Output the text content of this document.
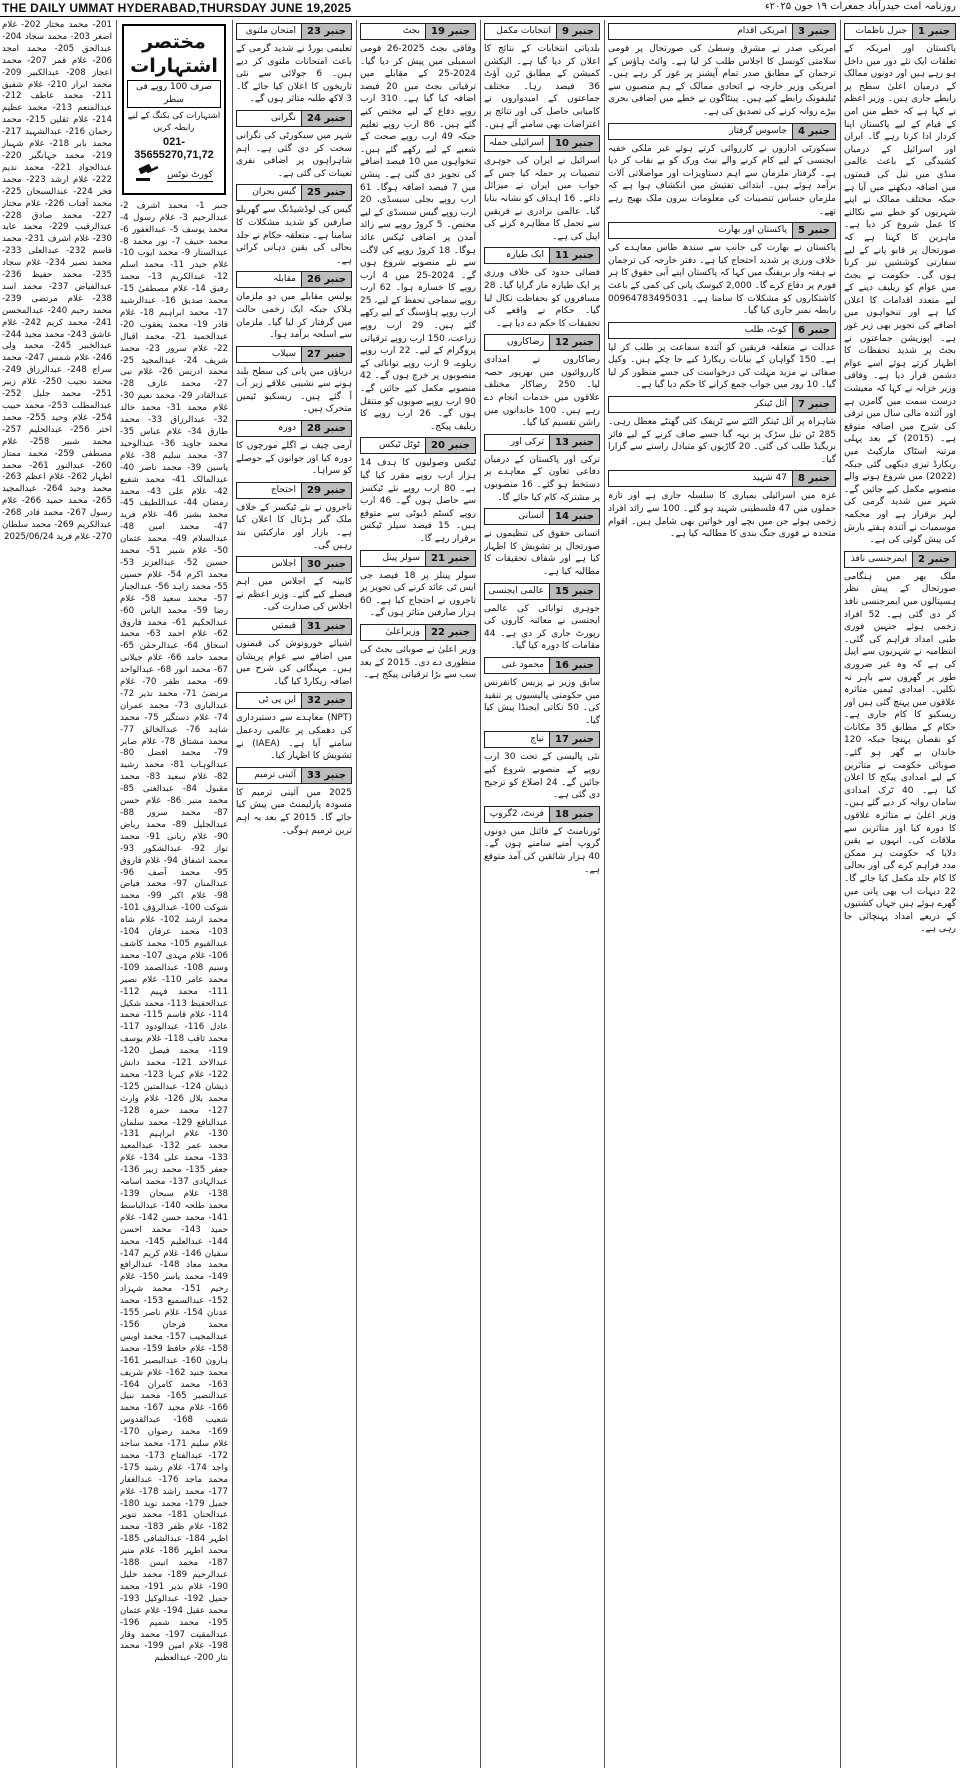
THE DAILY UMMAT HYDERABAD,THURSDAY JUNE 19,2025	روزنامہ امت حیدرآباد جمعرات ۱۹ جون ۲۰۲۵ء
جنبر 1
جنرل ناظمات

پاکستان اور امریکہ کے تعلقات ایک نئے دور میں داخل ہو رہے ہیں اور دونوں ممالک کے درمیان اعلیٰ سطح پر رابطے جاری ہیں۔ وزیر اعظم نے کہا ہے کہ خطے میں امن کے قیام کے لیے پاکستان اپنا کردار ادا کرتا رہے گا۔ ایران اور اسرائیل کے درمیان کشیدگی کے باعث عالمی منڈی میں تیل کی قیمتوں میں اضافہ دیکھنے میں آیا ہے جبکہ مختلف ممالک نے اپنے شہریوں کو خطے سے نکالنے کا عمل شروع کر دیا ہے۔ ماہرین کا کہنا ہے کہ صورتحال پر قابو پانے کے لیے سفارتی کوششیں تیز کرنا ہوں گی۔ حکومت نے بجٹ میں عوام کو ریلیف دینے کے لیے متعدد اقدامات کا اعلان کیا ہے اور تنخواہوں میں اضافے کی تجویز بھی زیر غور ہے۔ اپوزیشن جماعتوں نے بجٹ پر شدید تحفظات کا اظہار کرتے ہوئے اسے عوام دشمن قرار دیا ہے۔ وفاقی وزیر خزانہ نے کہا کہ معیشت درست سمت میں گامزن ہے اور آئندہ مالی سال میں ترقی کی شرح میں اضافہ متوقع ہے۔ (2015) کے بعد پہلی مرتبہ اسٹاک مارکیٹ میں ریکارڈ تیزی دیکھی گئی جبکہ (2022) میں شروع ہونے والے منصوبے مکمل کیے جائیں گے۔ شہر میں شدید گرمی کی لہر برقرار ہے اور محکمہ موسمیات نے آئندہ ہفتے بارش کی پیش گوئی کی ہے۔

جنبر 2
ایمرجنسی نافذ

ملک بھر میں ہنگامی صورتحال کے پیش نظر ہسپتالوں میں ایمرجنسی نافذ کر دی گئی ہے۔ 52 افراد زخمی ہوئے جنہیں فوری طبی امداد فراہم کی گئی۔ انتظامیہ نے شہریوں سے اپیل کی ہے کہ وہ غیر ضروری طور پر گھروں سے باہر نہ نکلیں۔ امدادی ٹیمیں متاثرہ علاقوں میں پہنچ گئی ہیں اور ریسکیو کا کام جاری ہے۔ حکام کے مطابق 35 مکانات کو نقصان پہنچا جبکہ 120 خاندان بے گھر ہو گئے۔ صوبائی حکومت نے متاثرین کے لیے امدادی پیکج کا اعلان کیا ہے۔ 40 ٹرک امدادی سامان روانہ کر دیے گئے ہیں۔ وزیر اعلیٰ نے متاثرہ علاقوں کا دورہ کیا اور متاثرین سے ملاقات کی۔ انہوں نے یقین دلایا کہ حکومت ہر ممکن مدد فراہم کرے گی اور بحالی کا کام جلد مکمل کیا جائے گا۔ 22 دیہات اب بھی پانی میں گھرے ہوئے ہیں جہاں کشتیوں کے ذریعے امداد پہنچائی جا رہی ہے۔

جنبر 3
امریکی اقدام

امریکی صدر نے مشرق وسطیٰ کی صورتحال پر قومی سلامتی کونسل کا اجلاس طلب کر لیا ہے۔ وائٹ ہاؤس کے ترجمان کے مطابق صدر تمام آپشنز پر غور کر رہے ہیں۔ امریکی وزیر خارجہ نے اتحادی ممالک کے ہم منصبوں سے ٹیلیفونک رابطے کیے ہیں۔ پینٹاگون نے خطے میں اضافی بحری بیڑے روانہ کرنے کی تصدیق کی ہے۔

جنبر 4
جاسوس گرفتار

سیکورٹی اداروں نے کارروائی کرتے ہوئے غیر ملکی خفیہ ایجنسی کے لیے کام کرنے والے نیٹ ورک کو بے نقاب کر دیا ہے۔ گرفتار ملزمان سے اہم دستاویزات اور مواصلاتی آلات برآمد ہوئے ہیں۔ ابتدائی تفتیش میں انکشاف ہوا ہے کہ ملزمان حساس تنصیبات کی معلومات بیرون ملک بھیج رہے تھے۔

جنبر 5
پاکستان اور بھارت

پاکستان نے بھارت کی جانب سے سندھ طاس معاہدے کی خلاف ورزی پر شدید احتجاج کیا ہے۔ دفتر خارجہ کی ترجمان نے ہفتہ وار بریفنگ میں کہا کہ پاکستان اپنے آبی حقوق کا ہر فورم پر دفاع کرے گا۔ 2,000 کیوسک پانی کی کمی کے باعث کاشتکاروں کو مشکلات کا سامنا ہے۔ 00964783495031 رابطہ نمبر جاری کیا گیا۔

جنبر 6
کوٹ، طلب

عدالت نے متعلقہ فریقین کو آئندہ سماعت پر طلب کر لیا ہے۔ 150 گواہان کے بیانات ریکارڈ کیے جا چکے ہیں۔ وکیل صفائی نے مزید مہلت کی درخواست کی جسے منظور کر لیا گیا۔ 10 روز میں جواب جمع کرانے کا حکم دیا گیا ہے۔

جنبر 7
آئل ٹینکر

شاہراہ پر آئل ٹینکر الٹنے سے ٹریفک کئی گھنٹے معطل رہی۔ 285 ٹن تیل سڑک پر بہہ گیا جسے صاف کرنے کے لیے فائر بریگیڈ طلب کی گئی۔ 20 گاڑیوں کو متبادل راستے سے گزارا گیا۔

جنبر 8
47 شہید

غزہ میں اسرائیلی بمباری کا سلسلہ جاری ہے اور تازہ حملوں میں 47 فلسطینی شہید ہو گئے۔ 100 سے زائد افراد زخمی ہوئے جن میں بچے اور خواتین بھی شامل ہیں۔ اقوام متحدہ نے فوری جنگ بندی کا مطالبہ کیا ہے۔

جنبر 9
انتخابات مکمل

بلدیاتی انتخابات کے نتائج کا اعلان کر دیا گیا ہے۔ الیکشن کمیشن کے مطابق ٹرن آؤٹ 36 فیصد رہا۔ مختلف جماعتوں کے امیدواروں نے کامیابی حاصل کی اور نتائج پر اعتراضات بھی سامنے آئے ہیں۔

جنبر 10
اسرائیلی حملہ

اسرائیل نے ایران کی جوہری تنصیبات پر حملہ کیا جس کے جواب میں ایران نے میزائل داغے۔ 16 اہداف کو نشانہ بنایا گیا۔ عالمی برادری نے فریقین سے تحمل کا مظاہرہ کرنے کی اپیل کی ہے۔

جنبر 11
ایک طیارہ

فضائی حدود کی خلاف ورزی پر ایک طیارہ مار گرایا گیا۔ 28 مسافروں کو بحفاظت نکال لیا گیا۔ حکام نے واقعے کی تحقیقات کا حکم دے دیا ہے۔

جنبر 12
رضاکاروں

رضاکاروں نے امدادی کارروائیوں میں بھرپور حصہ لیا۔ 250 رضاکار مختلف علاقوں میں خدمات انجام دے رہے ہیں۔ 100 خاندانوں میں راشن تقسیم کیا گیا۔

جنبر 13
ترکی اور

ترکی اور پاکستان کے درمیان دفاعی تعاون کے معاہدے پر دستخط ہو گئے۔ 16 منصوبوں پر مشترکہ کام کیا جائے گا۔

جنبر 14
انسانی

انسانی حقوق کی تنظیموں نے صورتحال پر تشویش کا اظہار کیا ہے اور شفاف تحقیقات کا مطالبہ کیا ہے۔

جنبر 15
عالمی ایجنسی

جوہری توانائی کی عالمی ایجنسی نے معائنہ کاروں کی رپورٹ جاری کر دی ہے۔ 44 مقامات کا دورہ کیا گیا۔

جنبر 16
محمود غنی

سابق وزیر نے پریس کانفرنس میں حکومتی پالیسیوں پر تنقید کی۔ 50 نکاتی ایجنڈا پیش کیا گیا۔

جنبر 17
نیاچ

نئی پالیسی کے تحت 30 ارب روپے کے منصوبے شروع کیے جائیں گے۔ 24 اضلاع کو ترجیح دی گئی ہے۔

جنبر 18
فرنٹ، 2گروپ

ٹورنامنٹ کے فائنل میں دونوں گروپ آمنے سامنے ہوں گے۔ 40 ہزار شائقین کی آمد متوقع ہے۔

جنبر 19
بجٹ

وفاقی بجٹ 2025-26 قومی اسمبلی میں پیش کر دیا گیا۔ 2024-25 کے مقابلے میں ترقیاتی بجٹ میں 20 فیصد اضافہ کیا گیا ہے۔ 310 ارب روپے دفاع کے لیے مختص کیے گئے ہیں۔ 86 ارب روپے تعلیم جبکہ 49 ارب روپے صحت کے شعبے کے لیے رکھے گئے ہیں۔ تنخواہوں میں 10 فیصد اضافے کی تجویز دی گئی ہے۔ پنشن میں 7 فیصد اضافہ ہوگا۔ 61 ارب روپے بجلی سبسڈی، 20 ارب روپے گیس سبسڈی کے لیے مختص۔ 5 کروڑ روپے سے زائد آمدن پر اضافی ٹیکس عائد ہوگا۔ 18 کروڑ روپے کی لاگت سے نئے منصوبے شروع ہوں گے۔ 2024-25 میں 4 ارب روپے کا خسارہ ہوا۔ 62 ارب روپے سماجی تحفظ کے لیے، 25 ارب روپے ہاؤسنگ کے لیے رکھے گئے ہیں۔ 29 ارب روپے زراعت، 150 ارب روپے ترقیاتی پروگرام کے لیے۔ 22 ارب روپے ریلوے، 9 ارب روپے توانائی کے منصوبوں پر خرچ ہوں گے۔ 42 منصوبے مکمل کیے جائیں گے۔ 90 ارب روپے صوبوں کو منتقل ہوں گے۔ 26 ارب روپے کا ریلیف پیکج۔

جنبر 20
ٹوٹل ٹیکس

ٹیکس وصولیوں کا ہدف 14 ہزار ارب روپے مقرر کیا گیا ہے۔ 80 ارب روپے نئے ٹیکسز سے حاصل ہوں گے۔ 46 ارب روپے کسٹم ڈیوٹی سے متوقع ہیں۔ 15 فیصد سیلز ٹیکس برقرار رہے گا۔

جنبر 21
سولر پینل

سولر پینلز پر 18 فیصد جی ایس ٹی عائد کرنے کی تجویز پر تاجروں نے احتجاج کیا ہے۔ 60 ہزار صارفین متاثر ہوں گے۔

جنبر 22
وزیراعلیٰ

وزیر اعلیٰ نے صوبائی بجٹ کی منظوری دے دی۔ 2015 کے بعد سب سے بڑا ترقیاتی پیکج ہے۔

جنبر 23
امتحان ملتوی

تعلیمی بورڈ نے شدید گرمی کے باعث امتحانات ملتوی کر دیے ہیں۔ 6 جولائی سے نئی تاریخوں کا اعلان کیا جائے گا۔ 3 لاکھ طلبہ متاثر ہوں گے۔

جنبر 24
نگرانی

شہر میں سیکورٹی کی نگرانی سخت کر دی گئی ہے۔ اہم شاہراہوں پر اضافی نفری تعینات کی گئی ہے۔

جنبر 25
گیس بحران

گیس کی لوڈشیڈنگ سے گھریلو صارفین کو شدید مشکلات کا سامنا ہے۔ متعلقہ حکام نے جلد بحالی کی یقین دہانی کرائی ہے۔

جنبر 26
مقابلہ

پولیس مقابلے میں دو ملزمان ہلاک جبکہ ایک زخمی حالت میں گرفتار کر لیا گیا۔ ملزمان سے اسلحہ برآمد ہوا۔

جنبر 27
سیلاب

دریاؤں میں پانی کی سطح بلند ہونے سے نشیبی علاقے زیر آب آ گئے ہیں۔ ریسکیو ٹیمیں متحرک ہیں۔

جنبر 28
دورہ

آرمی چیف نے اگلے مورچوں کا دورہ کیا اور جوانوں کے حوصلے کو سراہا۔

جنبر 29
احتجاج

تاجروں نے نئے ٹیکسز کے خلاف ملک گیر ہڑتال کا اعلان کیا ہے۔ بازار اور مارکیٹیں بند رہیں گی۔

جنبر 30
اجلاس

کابینہ کے اجلاس میں اہم فیصلے کیے گئے۔ وزیر اعظم نے اجلاس کی صدارت کی۔

جنبر 31
قیمتیں

اشیائے خورونوش کی قیمتوں میں اضافے سے عوام پریشان ہیں۔ مہنگائی کی شرح میں اضافہ ریکارڈ کیا گیا۔

جنبر 32
این پی ٹی

(NPT) معاہدے سے دستبرداری کی دھمکی پر عالمی ردعمل سامنے آیا ہے۔ (IAEA) نے تشویش کا اظہار کیا۔

جنبر 33
آئینی ترمیم

2025 میں آئینی ترمیم کا مسودہ پارلیمنٹ میں پیش کیا جائے گا۔ 2015 کے بعد یہ اہم ترین ترمیم ہوگی۔

مختصر اشتہارات
صرف 100 روپے فی سطر
اشتہارات کی بکنگ کے لیے رابطہ کریں
021-35655270,71,72
کورٹ نوٹس
جنبر 1- محمد اشرف 2- عبدالرحیم 3- غلام رسول 4- محمد یوسف 5- عبدالغفور 6- محمد حنیف 7- نور محمد 8- عبدالستار 9- محمد ایوب 10- غلام حیدر 11- محمد اسلم 12- عبدالکریم 13- محمد رفیق 14- غلام مصطفیٰ 15- محمد صدیق 16- عبدالرشید 17- محمد ابراہیم 18- غلام قادر 19- محمد یعقوب 20- عبدالحمید 21- محمد اقبال 22- غلام سرور 23- محمد شریف 24- عبدالمجید 25- محمد ادریس 26- غلام نبی 27- محمد عارف 28- عبدالقادر 29- محمد نعیم 30- غلام محمد 31- محمد خالد 32- عبدالرزاق 33- محمد طارق 34- غلام عباس 35- محمد جاوید 36- عبدالوحید 37- محمد سلیم 38- غلام یاسین 39- محمد ناصر 40- عبدالمالک 41- محمد شفیع 42- غلام علی 43- محمد رمضان 44- عبداللطیف 45- محمد بشیر 46- غلام فرید 47- محمد امین 48- عبدالسلام 49- محمد عثمان 50- غلام شبیر 51- محمد حسین 52- عبدالعزیز 53- محمد اکرم 54- غلام حسین 55- محمد زاہد 56- عبدالجبار 57- محمد سعید 58- غلام رضا 59- محمد الیاس 60- عبدالحکیم 61- محمد فاروق 62- غلام احمد 63- محمد اسحاق 64- عبدالرحمٰن 65- محمد حامد 66- غلام جیلانی 67- محمد انور 68- عبدالواحد 69- محمد ظفر 70- غلام مرتضیٰ 71- محمد نذیر 72- عبدالباری 73- محمد عمران 74- غلام دستگیر 75- محمد شاہد 76- عبدالخالق 77- محمد مشتاق 78- غلام صابر 79- محمد افضل 80- عبدالوہاب 81- محمد رشید 82- غلام سعید 83- محمد مقبول 84- عبدالغنی 85- محمد منیر 86- غلام حسن 87- محمد سرور 88- عبدالجلیل 89- محمد ریاض 90- غلام ربانی 91- محمد نواز 92- عبدالشکور 93- محمد اشفاق 94- غلام فاروق 95- محمد آصف 96- عبدالمنان 97- محمد فیاض 98- غلام اکبر 99- محمد شوکت 100- عبدالرؤف 101- محمد ارشد 102- غلام شاہ 103- محمد عرفان 104- عبدالقیوم 105- محمد کاشف 106- غلام مہدی 107- محمد وسیم 108- عبدالصمد 109- محمد عامر 110- غلام نصیر 111- محمد فہیم 112- عبدالحفیظ 113- محمد شکیل 114- غلام قاسم 115- محمد عادل 116- عبدالودود 117- محمد ثاقب 118- غلام یوسف 119- محمد فیصل 120- عبدالاحد 121- محمد دانش 122- غلام کبریا 123- محمد ذیشان 124- عبدالمتین 125- محمد بلال 126- غلام وارث 127- محمد حمزہ 128- عبدالنافع 129- محمد سلمان 130- غلام ابراہیم 131- محمد عمر 132- عبدالمعید 133- محمد علی 134- غلام جعفر 135- محمد زبیر 136- عبدالہادی 137- محمد اسامہ 138- غلام سبحان 139- محمد طلحہ 140- عبدالباسط 141- محمد حسن 142- غلام حمید 143- محمد احسن 144- عبدالعلیم 145- محمد سفیان 146- غلام کریم 147- محمد معاذ 148- عبدالرافع 149- محمد یاسر 150- غلام رحیم 151- محمد شہزاد 152- عبدالسمیع 153- محمد عدنان 154- غلام ناصر 155- محمد فرحان 156- عبدالمجیب 157- محمد اویس 158- غلام حافظ 159- محمد ہارون 160- عبدالبصیر 161- محمد جنید 162- غلام شریف 163- محمد کامران 164- عبدالنصیر 165- محمد نبیل 166- غلام مجید 167- محمد شعیب 168- عبدالقدوس 169- محمد رضوان 170- غلام سلیم 171- محمد ساجد 172- عبدالفتاح 173- محمد واجد 174- غلام رشید 175- محمد ماجد 176- عبدالغفار 177- محمد راشد 178- غلام جمیل 179- محمد نوید 180- عبدالحنان 181- محمد تنویر 182- غلام ظفر 183- محمد اظہر 184- عبدالشافی 185- محمد اطہر 186- غلام منیر 187- محمد انیس 188- عبدالرحیم 189- محمد خلیل 190- غلام نذیر 191- محمد جمیل 192- عبدالوکیل 193- محمد عقیل 194- غلام عثمان 195- محمد شمیم 196- عبدالمقیت 197- محمد وقار 198- غلام امین 199- محمد نثار 200- عبدالعظیم
201- محمد مختار 202- غلام اصغر 203- محمد سجاد 204- عبدالحق 205- محمد امجد 206- غلام قمر 207- محمد اعجاز 208- عبدالکبیر 209- محمد ابرار 210- غلام شفیق 211- محمد عاطف 212- عبدالمنعم 213- محمد عظیم 214- غلام ثقلین 215- محمد رحمان 216- عبدالشہید 217- محمد بابر 218- غلام شہباز 219- محمد جہانگیر 220- عبدالجواد 221- محمد ندیم 222- غلام ارشد 223- محمد فخر 224- عبدالسبحان 225- محمد آفتاب 226- غلام مختار 227- محمد صادق 228- عبدالرقیب 229- محمد عابد 230- غلام اشرف 231- محمد قاسم 232- عبدالعلی 233- محمد نصیر 234- غلام سجاد 235- محمد حفیظ 236- عبدالفیاض 237- محمد اسد 238- غلام مرتضی 239- محمد رحیم 240- عبدالمحسن 241- محمد کریم 242- غلام عاشق 243- محمد مجید 244- عبدالخبیر 245- محمد ولی 246- غلام شمس 247- محمد سراج 248- عبدالرزاق 249- محمد نجیب 250- غلام زبیر 251- محمد جلیل 252- عبدالمطلب 253- محمد حبیب 254- غلام وحید 255- محمد اختر 256- عبدالحلیم 257- محمد شبیر 258- غلام مصطفی 259- محمد ممتاز 260- عبدالنور 261- محمد اظہار 262- غلام اعظم 263- محمد وحید 264- عبدالمجید 265- محمد حمید 266- غلام رسول 267- محمد قادر 268- عبدالکریم 269- محمد سلطان 270- غلام فرید 2025/06/24
